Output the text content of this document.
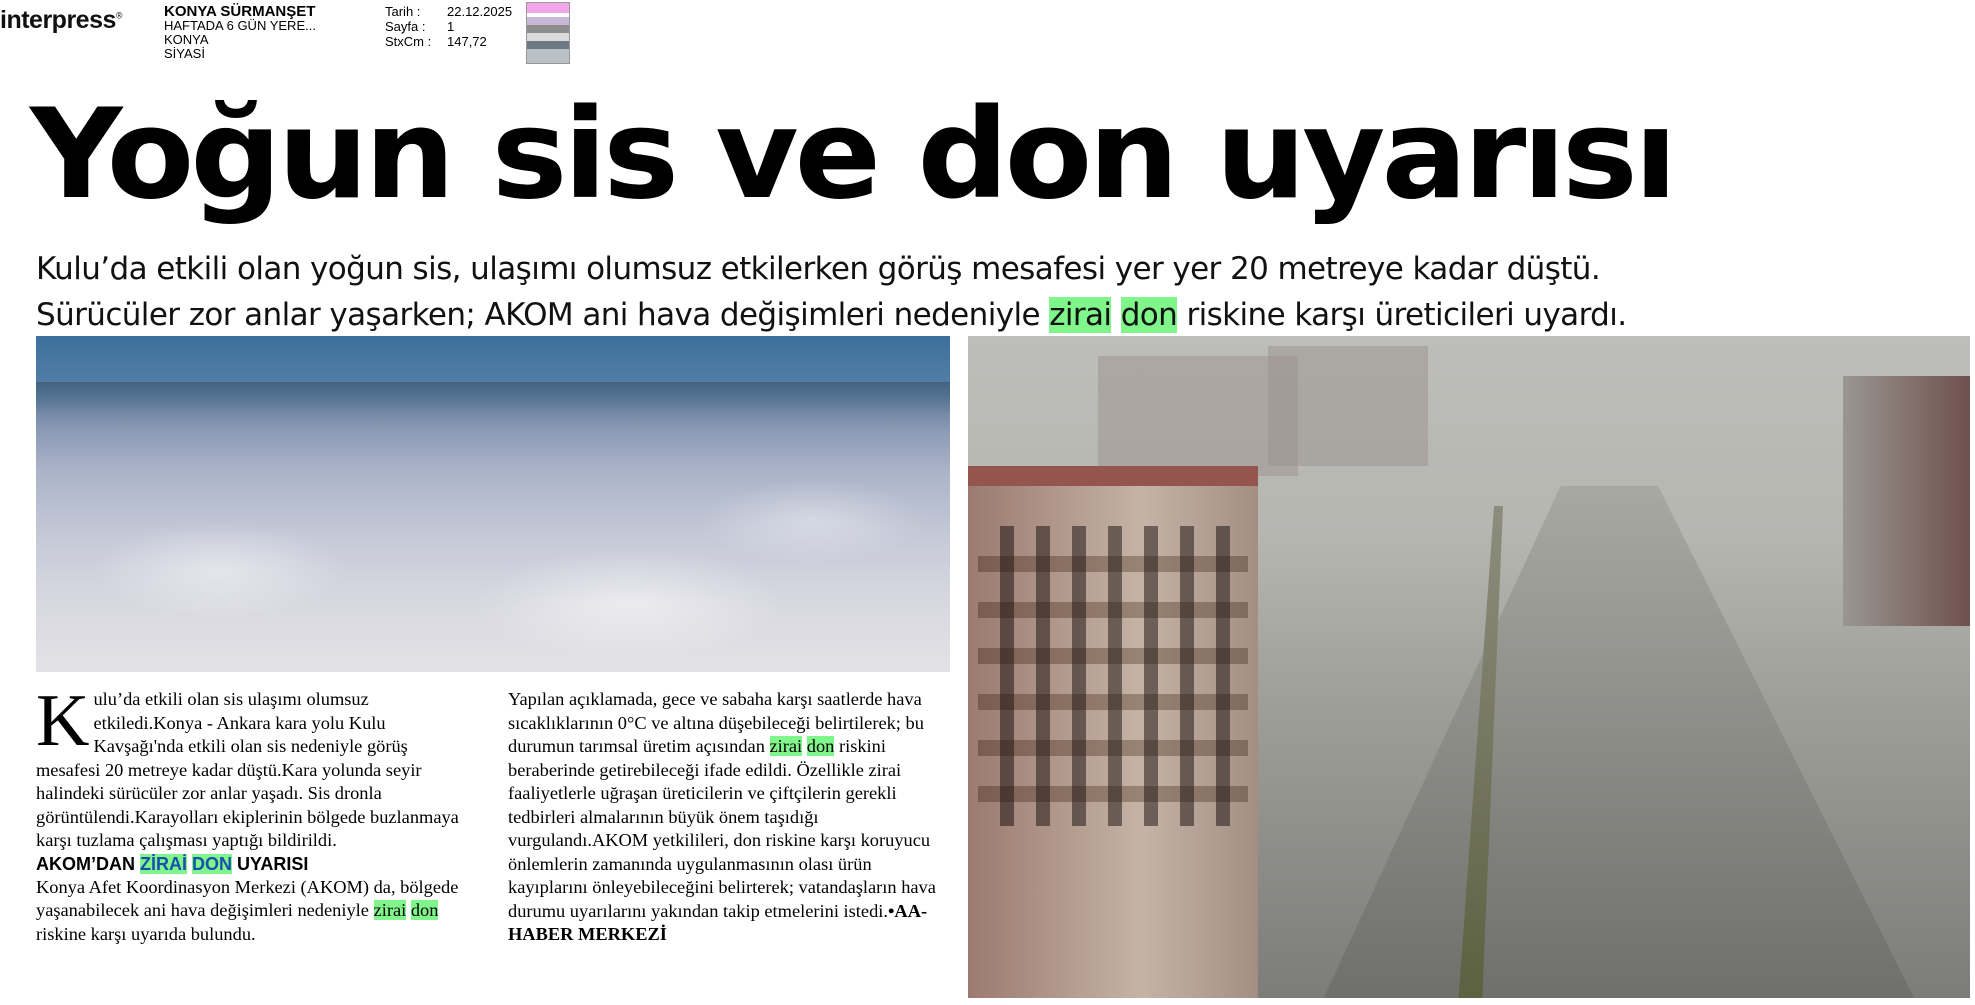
interpress®	KONYA SÜRMANŞET
HAFTADA 6 GÜN YERE...
KONYA
SİYASİ
Tarih :	22.12.2025
Sayfa :	1
StxCm :	147,72
Yoğun sis ve don uyarısı
Kulu’da etkili olan yoğun sis, ulaşımı olumsuz etkilerken görüş mesafesi yer yer 20 metreye kadar düştü.
Sürücüler zor anlar yaşarken; AKOM ani hava değişimleri nedeniyle zirai don riskine karşı üreticileri uyardı.

Kulu’da etkili olan sis ulaşımı olumsuz etkiledi.Konya - Ankara kara yolu Kulu Kavşağı'nda etkili olan sis nedeniyle görüş mesafesi 20 metreye kadar düştü.Kara yolunda seyir halindeki sürücüler zor anlar yaşadı. Sis dronla görüntülendi.Karayolları ekiplerinin bölgede buzlanmaya karşı tuzlama çalışması yaptığı bildirildi.

AKOM’DAN ZİRAİ DON UYARISI

Konya Afet Koordinasyon Merkezi (AKOM) da, bölgede yaşanabilecek ani hava değişimleri nedeniyle zirai don riskine karşı uyarıda bulundu.

Yapılan açıklamada, gece ve sabaha karşı saatlerde hava sıcaklıklarının 0°C ve altına düşebileceği belirtilerek; bu durumun tarımsal üretim açısından zirai don riskini beraberinde getirebileceği ifade edildi. Özellikle zirai faaliyetlerle uğraşan üreticilerin ve çiftçilerin gerekli tedbirleri almalarının büyük önem taşıdığı vurgulandı.AKOM yetkilileri, don riskine karşı koruyucu önlemlerin zamanında uygulanmasının olası ürün kayıplarını önleyebileceğini belirterek; vatandaşların hava durumu uyarılarını yakından takip etmelerini istedi.•AA-HABER MERKEZİ
